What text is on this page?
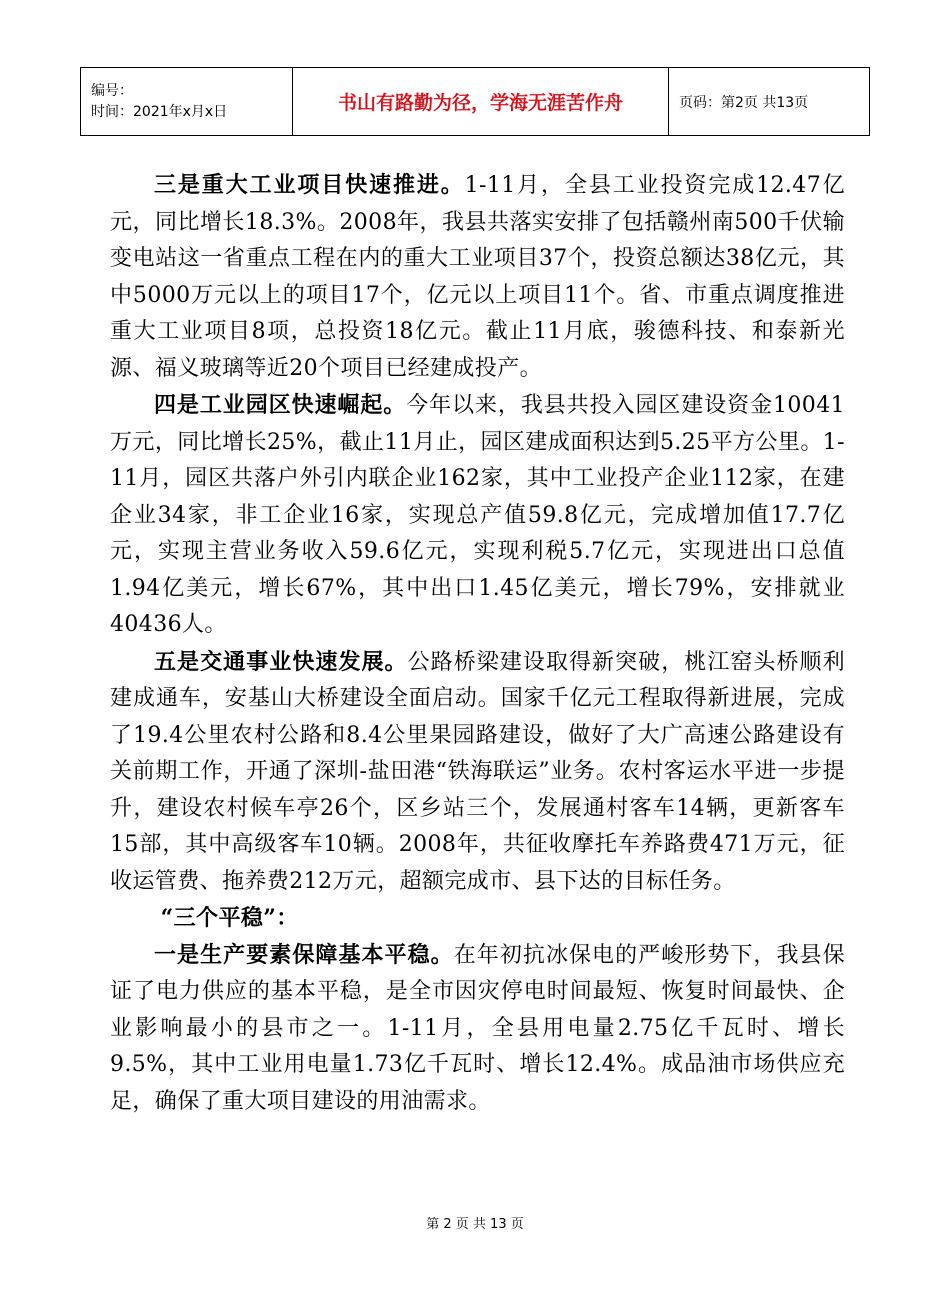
编号：
时间：2021年x月x日	书山有路勤为径，学海无涯苦作舟	页码：第2页 共13页

三是重大工业项目快速推进。1-11月，全县工业投资完成12.47亿元，同比增长18.3%。2008年，我县共落实安排了包括赣州南500千伏输变电站这一省重点工程在内的重大工业项目37个，投资总额达38亿元，其中5000万元以上的项目17个，亿元以上项目11个。省、市重点调度推进重大工业项目8项，总投资18亿元。截止11月底，骏德科技、和泰新光源、福义玻璃等近20个项目已经建成投产。

四是工业园区快速崛起。今年以来，我县共投入园区建设资金10041万元，同比增长25%，截止11月止，园区建成面积达到5.25平方公里。1-11月，园区共落户外引内联企业162家，其中工业投产企业112家，在建企业34家，非工企业16家，实现总产值59.8亿元，完成增加值17.7亿元，实现主营业务收入59.6亿元，实现利税5.7亿元，实现进出口总值1.94亿美元，增长67%，其中出口1.45亿美元，增长79%，安排就业40436人。

五是交通事业快速发展。公路桥梁建设取得新突破，桃江窑头桥顺利建成通车，安基山大桥建设全面启动。国家千亿元工程取得新进展，完成了19.4公里农村公路和8.4公里果园路建设，做好了大广高速公路建设有关前期工作，开通了深圳-盐田港“铁海联运”业务。农村客运水平进一步提升，建设农村候车亭26个，区乡站三个，发展通村客车14辆，更新客车15部，其中高级客车10辆。2008年，共征收摩托车养路费471万元，征收运管费、拖养费212万元，超额完成市、县下达的目标任务。

“三个平稳”：

一是生产要素保障基本平稳。在年初抗冰保电的严峻形势下，我县保证了电力供应的基本平稳，是全市因灾停电时间最短、恢复时间最快、企业影响最小的县市之一。1-11月，全县用电量2.75亿千瓦时、增长9.5%，其中工业用电量1.73亿千瓦时、增长12.4%。成品油市场供应充足，确保了重大项目建设的用油需求。

第 2 页 共 13 页
